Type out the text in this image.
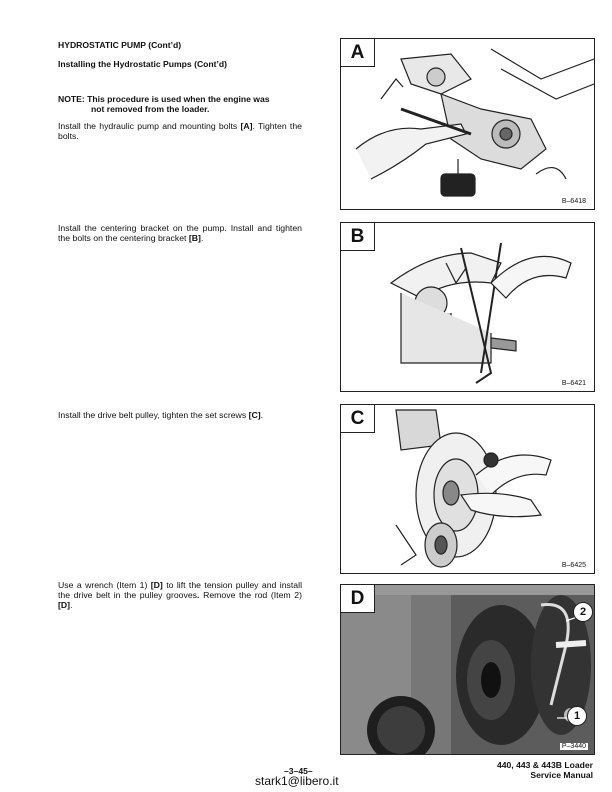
HYDROSTATIC PUMP (Cont’d)
Installing the Hydrostatic Pumps (Cont’d)
NOTE: This procedure is used when the engine was
not removed from the loader.
Install the hydraulic pump and mounting bolts [A]. Tighten the bolts.
Install the centering bracket on the pump. Install and tighten the bolts on the centering bracket [B].
Install the drive belt pulley, tighten the set screws [C].
Use a wrench (Item 1) [D] to lift the tension pulley and install the drive belt in the pulley grooves. Remove the rod (Item 2) [D].
A
B–6418
B
B–6421
C
B–6425
D
2
1
P–3440
–3–45–
stark1@libero.it
440, 443 & 443B Loader
Service Manual
